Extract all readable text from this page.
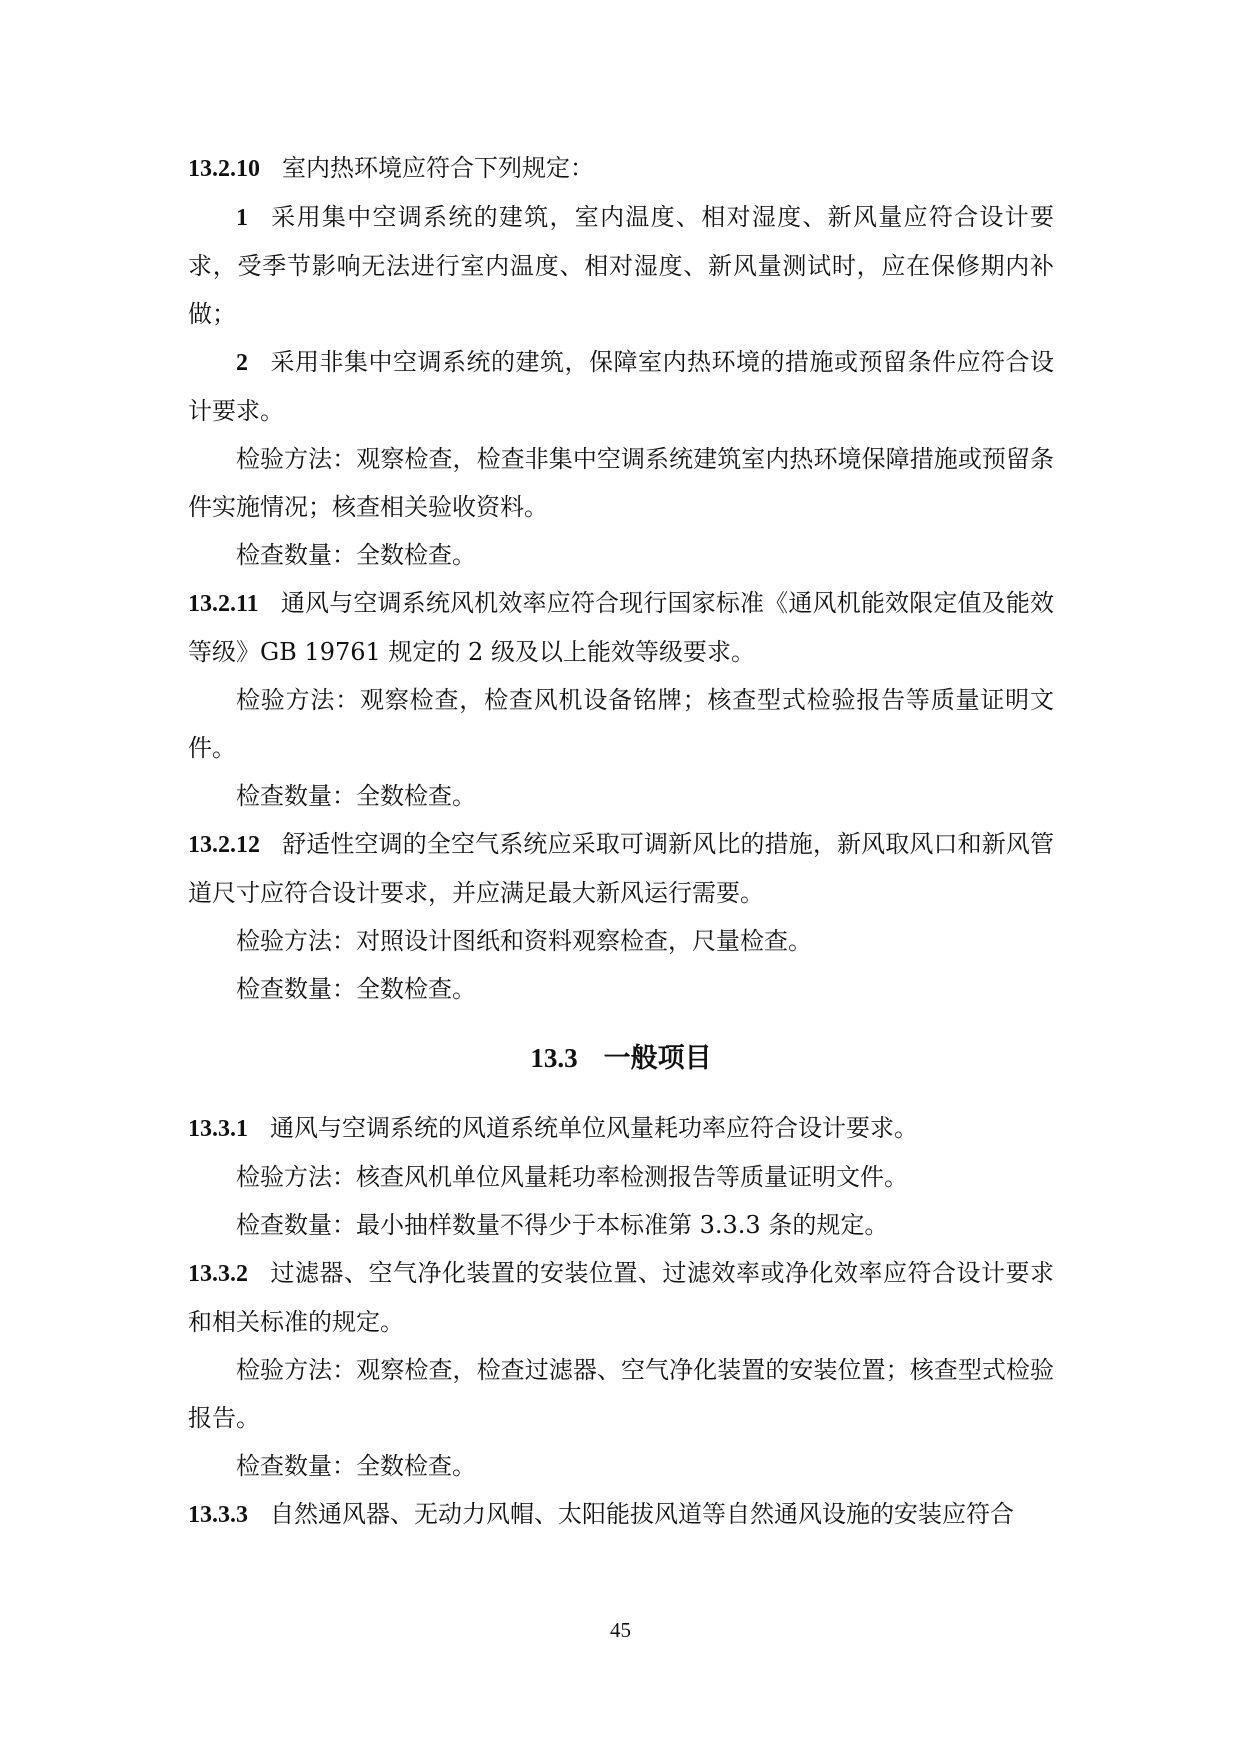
13.2.10 室内热环境应符合下列规定：

1 采用集中空调系统的建筑，室内温度、相对湿度、新风量应符合设计要求，受季节影响无法进行室内温度、相对湿度、新风量测试时，应在保修期内补做；

2 采用非集中空调系统的建筑，保障室内热环境的措施或预留条件应符合设计要求。

检验方法：观察检查，检查非集中空调系统建筑室内热环境保障措施或预留条件实施情况；核查相关验收资料。

检查数量：全数检查。

13.2.11 通风与空调系统风机效率应符合现行国家标准《通风机能效限定值及能效等级》GB 19761 规定的 2 级及以上能效等级要求。

检验方法：观察检查，检查风机设备铭牌；核查型式检验报告等质量证明文件。

检查数量：全数检查。

13.2.12 舒适性空调的全空气系统应采取可调新风比的措施，新风取风口和新风管道尺寸应符合设计要求，并应满足最大新风运行需要。

检验方法：对照设计图纸和资料观察检查，尺量检查。

检查数量：全数检查。

13.3 一般项目

13.3.1 通风与空调系统的风道系统单位风量耗功率应符合设计要求。

检验方法：核查风机单位风量耗功率检测报告等质量证明文件。

检查数量：最小抽样数量不得少于本标准第 3.3.3 条的规定。

13.3.2 过滤器、空气净化装置的安装位置、过滤效率或净化效率应符合设计要求和相关标准的规定。

检验方法：观察检查，检查过滤器、空气净化装置的安装位置；核查型式检验报告。

检查数量：全数检查。

13.3.3 自然通风器、无动力风帽、太阳能拔风道等自然通风设施的安装应符合

45
